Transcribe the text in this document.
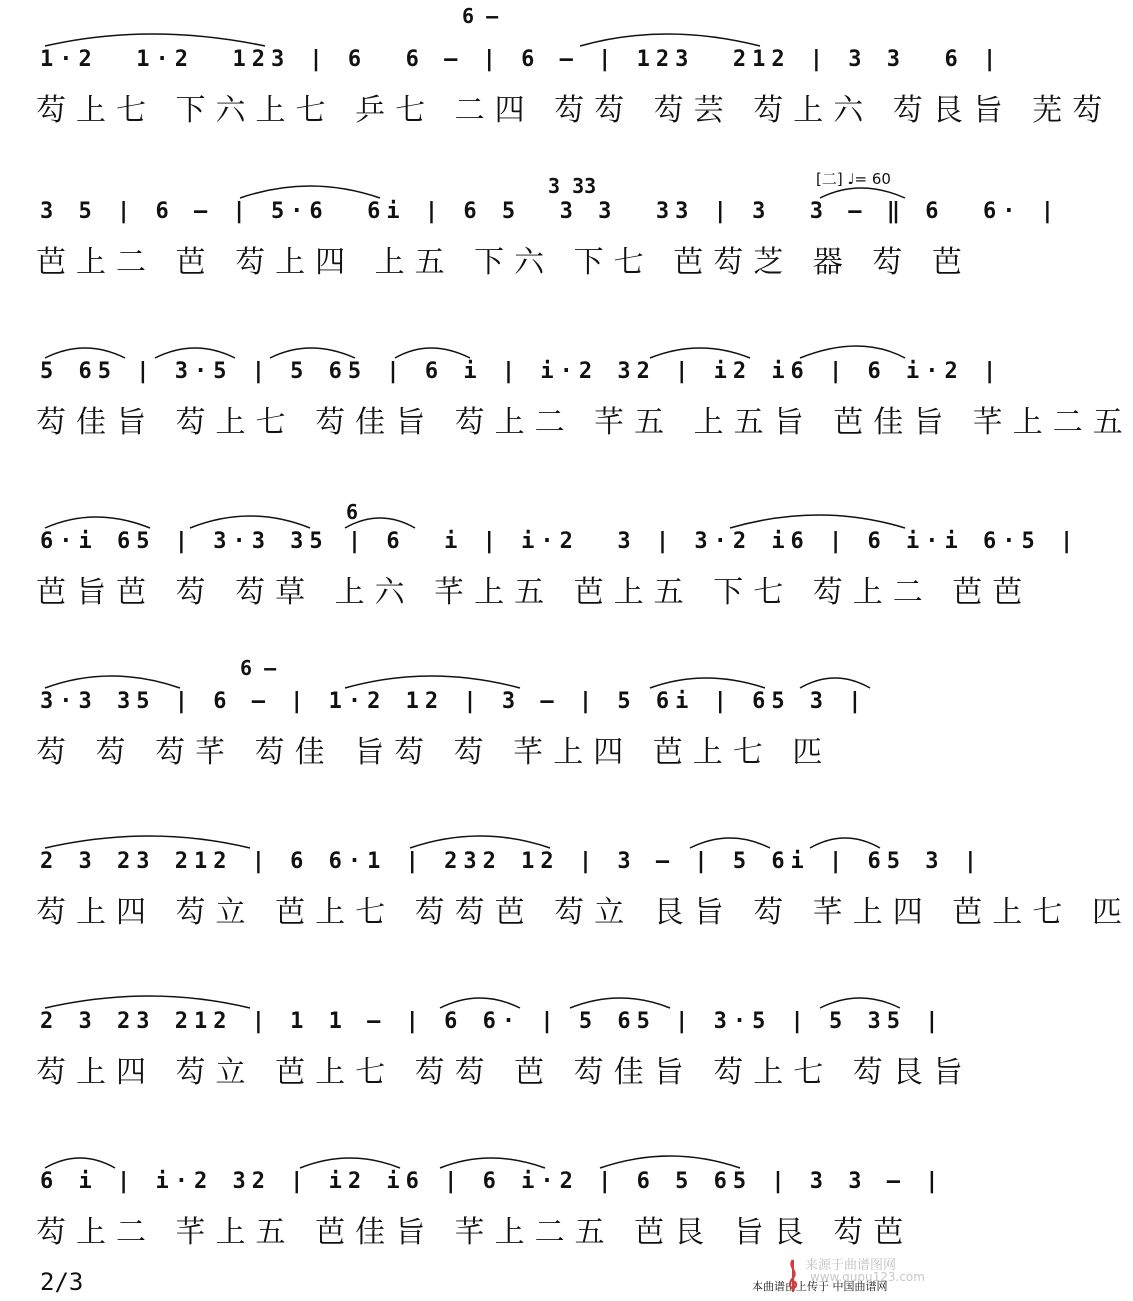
6 –
1·2  1·2  123 | 6  6 – | 6 – | 123  212 | 3 3  6 |
芶上七 下六上七 乒七 二四 芶芶 芶芸 芶上六 芶艮旨 芜芶
3 33	[二] ♩= 60
3 5 | 6 – | 5·6  6i | 6 5  3 3  33 | 3  3 – ‖ 6  6· |
芭上二 芭 芶上四 上五 下六 下七 芭芶芝 器 芶 芭
5 65 | 3·5 | 5 65 | 6 i | i·2 32 | i2 i6 | 6 i·2 |
芶佳旨 芶上七 芶佳旨 芶上二 芊五 上五旨 芭佳旨 芊上二五
6
6·i 65 | 3·3 35 | 6  i | i·2  3 | 3·2 i6 | 6 i·i 6·5 |
芭旨芭 芶 芶草 上六 芊上五 芭上五 下七 芶上二 芭芭
6 –
3·3 35 | 6 – | 1·2 12 | 3 – | 5 6i | 65 3 |
芶 芶 芶芊 芶佳 旨芶 芶 芊上四 芭上七 匹
2 3 23 212 | 6 6·1 | 232 12 | 3 – | 5 6i | 65 3 |
芶上四 芶立 芭上七 芶芶芭 芶立 艮旨 芶 芊上四 芭上七 匹
2 3 23 212 | 1 1 – | 6 6· | 5 65 | 3·5 | 5 35 |
芶上四 芶立 芭上七 芶芶 芭 芶佳旨 芶上七 芶艮旨
6 i | i·2 32 | i2 i6 | 6 i·2 | 6 5 65 | 3 3 – |
芶上二 芊上五 芭佳旨 芊上二五 芭艮 旨艮 芶芭
2/3	本曲谱由上传于 中国曲谱网
来源于曲谱图网
www.qupu123.com
